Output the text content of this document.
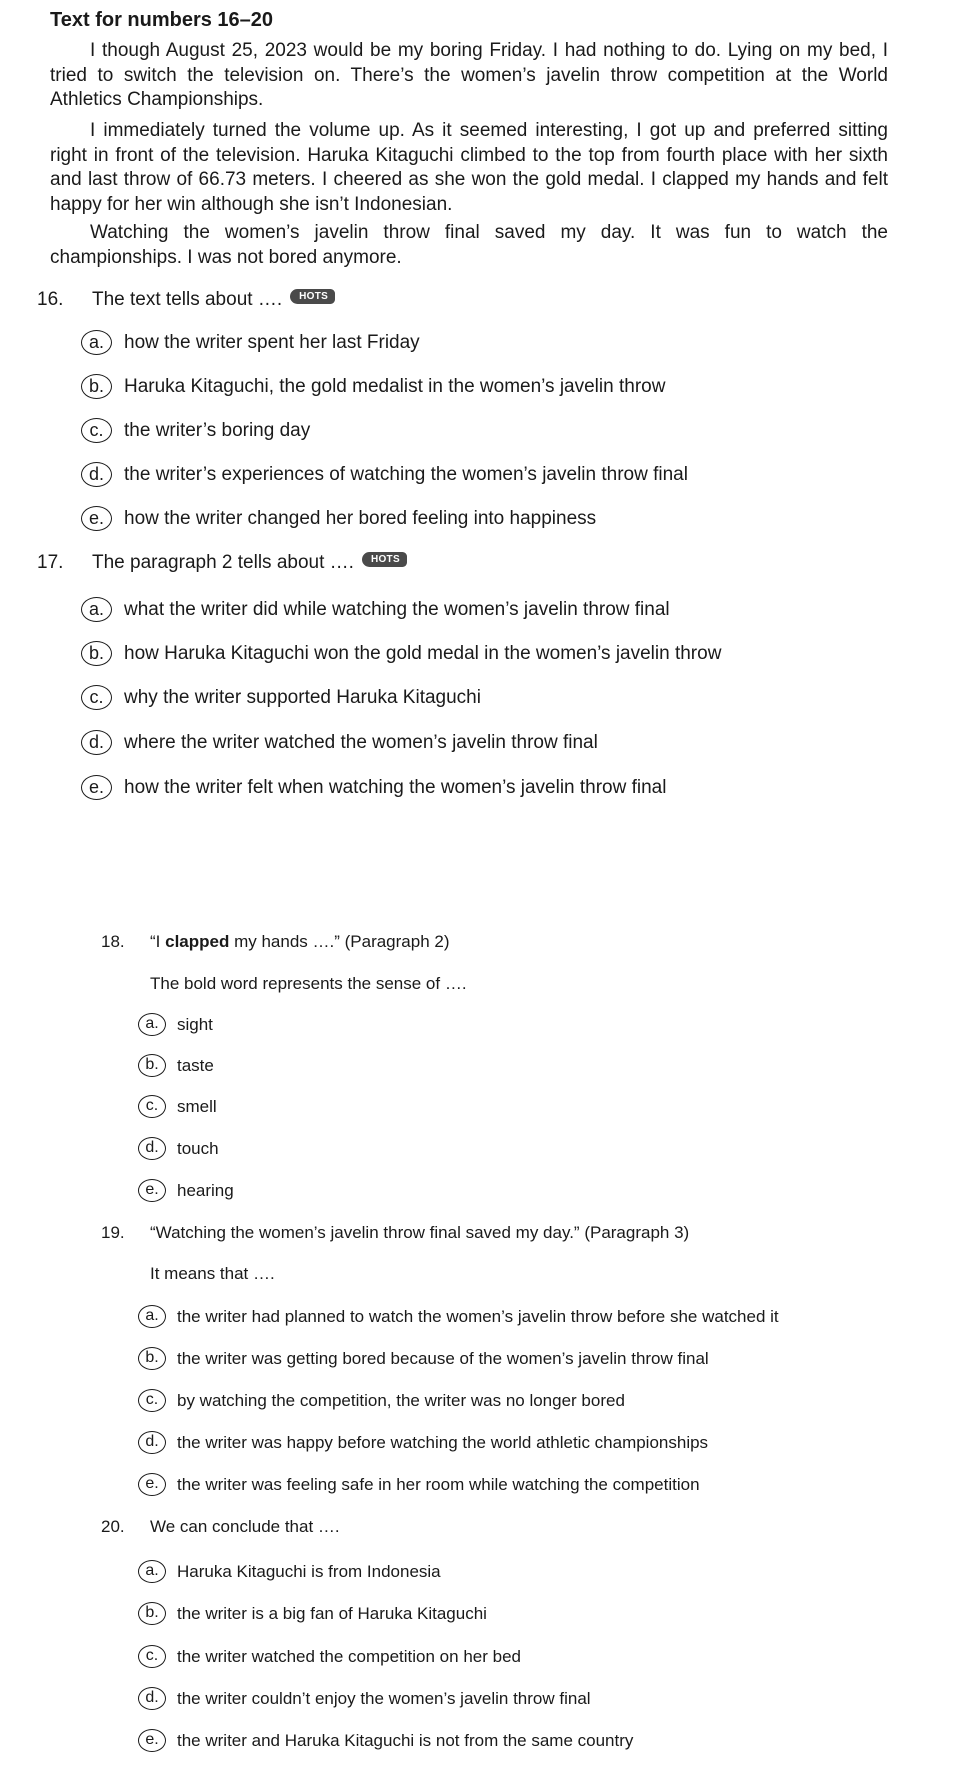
Text for numbers 16–20

I though August 25, 2023 would be my boring Friday. I had nothing to do. Lying on my bed, I tried to switch the television on. There’s the women’s javelin throw competition at the World Athletics Championships.

I immediately turned the volume up. As it seemed interesting, I got up and preferred sitting right in front of the television. Haruka Kitaguchi climbed to the top from fourth place with her sixth and last throw of 66.73 meters. I cheered as she won the gold medal. I clapped my hands and felt happy for her win although she isn’t Indonesian.

Watching the women’s javelin throw final saved my day. It was fun to watch the championships. I was not bored anymore.

16. The text tells about …. HOTS
a.	how the writer spent her last Friday
b.	Haruka Kitaguchi, the gold medalist in the women’s javelin throw
c.	the writer’s boring day
d.	the writer’s experiences of watching the women’s javelin throw final
e.	how the writer changed her bored feeling into happiness
17. The paragraph 2 tells about …. HOTS
a.	what the writer did while watching the women’s javelin throw final
b.	how Haruka Kitaguchi won the gold medal in the women’s javelin throw
c.	why the writer supported Haruka Kitaguchi
d.	where the writer watched the women’s javelin throw final
e.	how the writer felt when watching the women’s javelin throw final
18. “I clapped my hands ….” (Paragraph 2)
The bold word represents the sense of ….
a.	sight
b.	taste
c.	smell
d.	touch
e.	hearing
19. “Watching the women’s javelin throw final saved my day.” (Paragraph 3)
It means that ….
a.	the writer had planned to watch the women’s javelin throw before she watched it
b.	the writer was getting bored because of the women’s javelin throw final
c.	by watching the competition, the writer was no longer bored
d.	the writer was happy before watching the world athletic championships
e.	the writer was feeling safe in her room while watching the competition
20. We can conclude that ….
a.	Haruka Kitaguchi is from Indonesia
b.	the writer is a big fan of Haruka Kitaguchi
c.	the writer watched the competition on her bed
d.	the writer couldn’t enjoy the women’s javelin throw final
e.	the writer and Haruka Kitaguchi is not from the same country
